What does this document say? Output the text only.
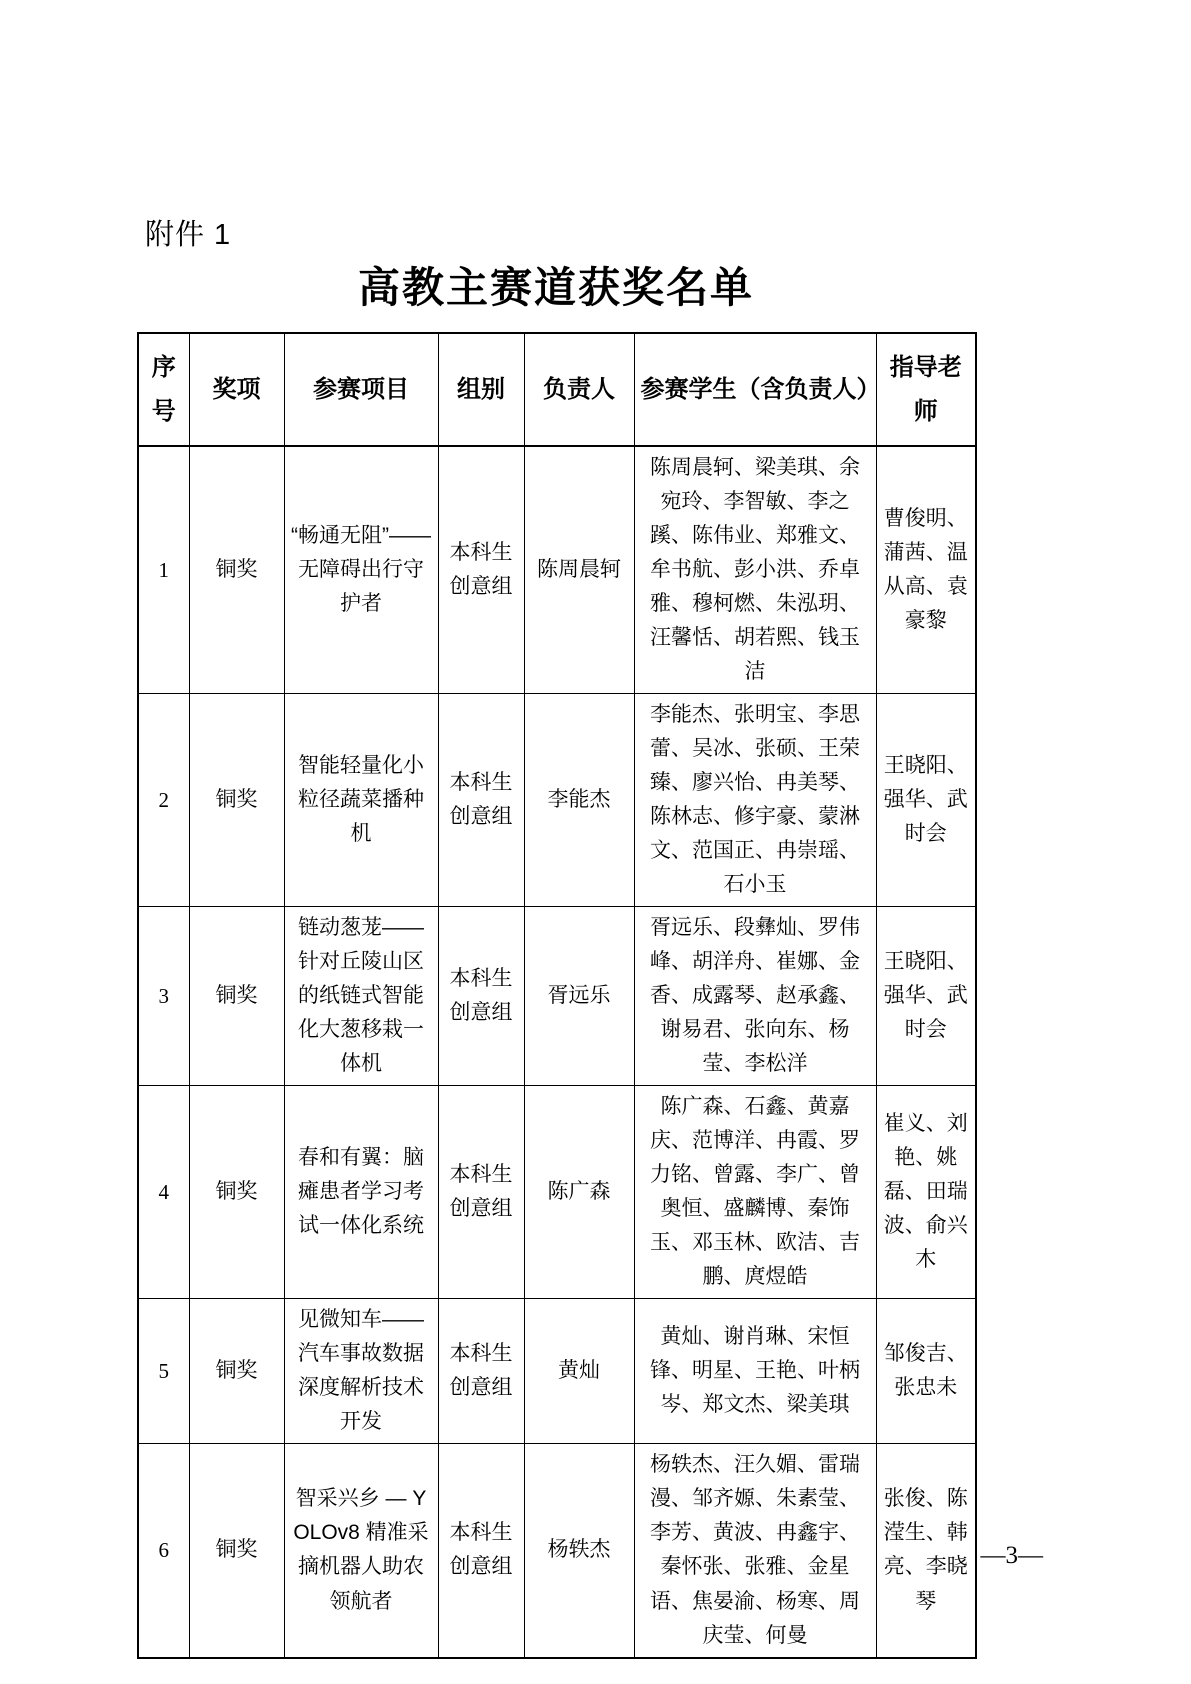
附件 1
高教主赛道获奖名单
序号	奖项	参赛项目	组别	负责人	参赛学生（含负责人）	指导老师
1	铜奖	“畅通无阻”——无障碍出行守护者	本科生创意组	陈周晨轲	陈周晨轲、梁美琪、余宛玲、李智敏、李之蹊、陈伟业、郑雅文、牟书航、彭小洪、乔卓雅、穆柯燃、朱泓玥、汪馨恬、胡若熙、钱玉洁	曹俊明、蒲茜、温从高、袁豪黎
2	铜奖	智能轻量化小粒径蔬菜播种机	本科生创意组	李能杰	李能杰、张明宝、李思蕾、吴冰、张硕、王荣臻、廖兴怡、冉美琴、陈林志、修宇豪、蒙淋文、范国正、冉崇瑶、石小玉	王晓阳、强华、武时会
3	铜奖	链动葱茏——针对丘陵山区的纸链式智能化大葱移栽一体机	本科生创意组	胥远乐	胥远乐、段彝灿、罗伟峰、胡洋舟、崔娜、金香、成露琴、赵承鑫、谢易君、张向东、杨莹、李松洋	王晓阳、强华、武时会
4	铜奖	春和有翼：脑瘫患者学习考试一体化系统	本科生创意组	陈广森	陈广森、石鑫、黄嘉庆、范博洋、冉霞、罗力铭、曾露、李广、曾奥恒、盛麟博、秦饰玉、邓玉林、欧洁、吉鹏、庹煜皓	崔义、刘艳、姚磊、田瑞波、俞兴木
5	铜奖	见微知车——汽车事故数据深度解析技术开发	本科生创意组	黄灿	黄灿、谢肖琳、宋恒锋、明星、王艳、叶柄岑、郑文杰、梁美琪	邹俊吉、张忠未
6	铜奖	智采兴乡 — YOLOv8 精准采摘机器人助农领航者	本科生创意组	杨轶杰	杨轶杰、汪久媚、雷瑞漫、邹齐嫄、朱素莹、李芳、黄波、冉鑫宇、秦怀张、张雅、金星语、焦晏渝、杨寒、周庆莹、何曼	张俊、陈滢生、韩亮、李晓琴
—3—
